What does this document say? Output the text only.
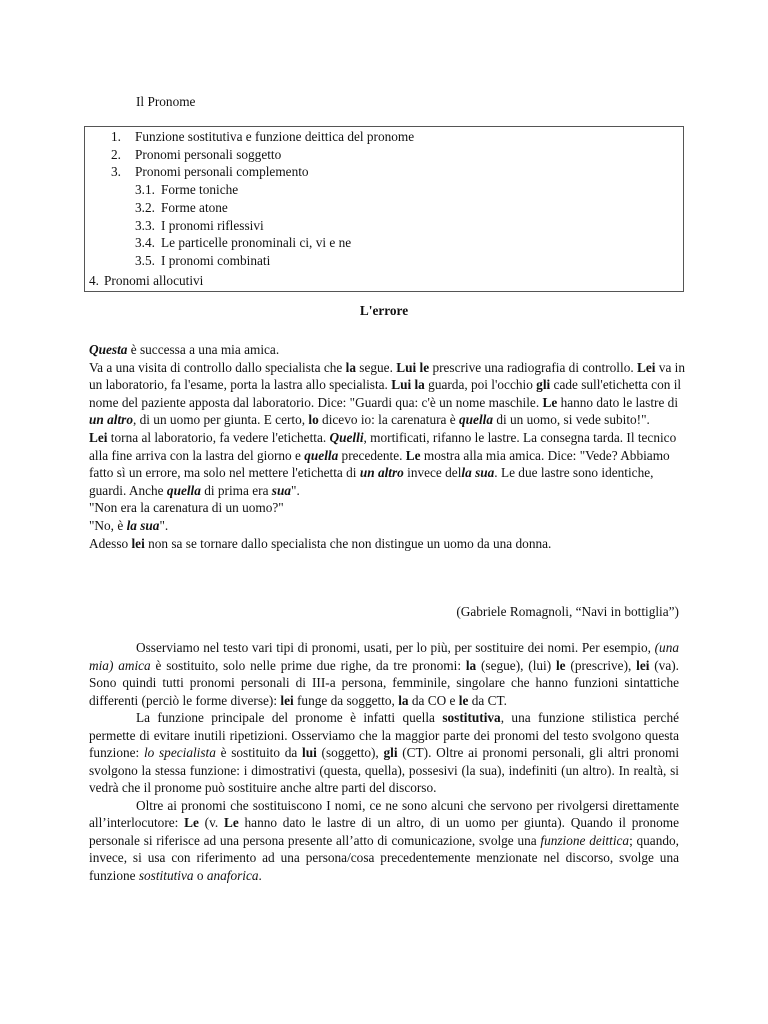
Il Pronome
1. Funzione sostitutiva e funzione deittica del pronome
2. Pronomi personali soggetto
3. Pronomi personali complemento
3.1. Forme toniche
3.2. Forme atone
3.3. I pronomi riflessivi
3.4. Le particelle pronominali ci, vi e ne
3.5. I pronomi combinati
4. Pronomi allocutivi
L'errore

Questa è successa a una mia amica.

Va a una visita di controllo dallo specialista che la segue. Lui le prescrive una radiografia di controllo. Lei va in un laboratorio, fa l'esame, porta la lastra allo specialista. Lui la guarda, poi l'occhio gli cade sull'etichetta con il nome del paziente apposta dal laboratorio. Dice: "Guardi qua: c'è un nome maschile. Le hanno dato le lastre di un altro, di un uomo per giunta. E certo, lo dicevo io: la carenatura è quella di un uomo, si vede subito!".

Lei torna al laboratorio, fa vedere l'etichetta. Quelli, mortificati, rifanno le lastre. La consegna tarda. Il tecnico alla fine arriva con la lastra del giorno e quella precedente. Le mostra alla mia amica. Dice: "Vede? Abbiamo fatto sì un errore, ma solo nel mettere l'etichetta di un altro invece della sua. Le due lastre sono identiche, guardi. Anche quella di prima era sua".

"Non era la carenatura di un uomo?"

"No, è la sua".

Adesso lei non sa se tornare dallo specialista che non distingue un uomo da una donna.

(Gabriele Romagnoli, “Navi in bottiglia”)

Osserviamo nel testo vari tipi di pronomi, usati, per lo più, per sostituire dei nomi. Per esempio, (una mia) amica è sostituito, solo nelle prime due righe, da tre pronomi: la (segue), (lui) le (prescrive), lei (va). Sono quindi tutti pronomi personali di III-a persona, femminile, singolare che hanno funzioni sintattiche differenti (perciò le forme diverse): lei funge da soggetto, la da CO e le da CT.

La funzione principale del pronome è infatti quella sostitutiva, una funzione stilistica perché permette di evitare inutili ripetizioni. Osserviamo che la maggior parte dei pronomi del testo svolgono questa funzione: lo specialista è sostituito da lui (soggetto), gli (CT). Oltre ai pronomi personali, gli altri pronomi svolgono la stessa funzione: i dimostrativi (questa, quella), possesivi (la sua), indefiniti (un altro). In realtà, si vedrà che il pronome può sostituire anche altre parti del discorso.

Oltre ai pronomi che sostituiscono I nomi, ce ne sono alcuni che servono per rivolgersi direttamente all’interlocutore: Le (v. Le hanno dato le lastre di un altro, di un uomo per giunta). Quando il pronome personale si riferisce ad una persona presente all’atto di comunicazione, svolge una funzione deittica; quando, invece, si usa con riferimento ad una persona/cosa precedentemente menzionate nel discorso, svolge una funzione sostitutiva o anaforica.
